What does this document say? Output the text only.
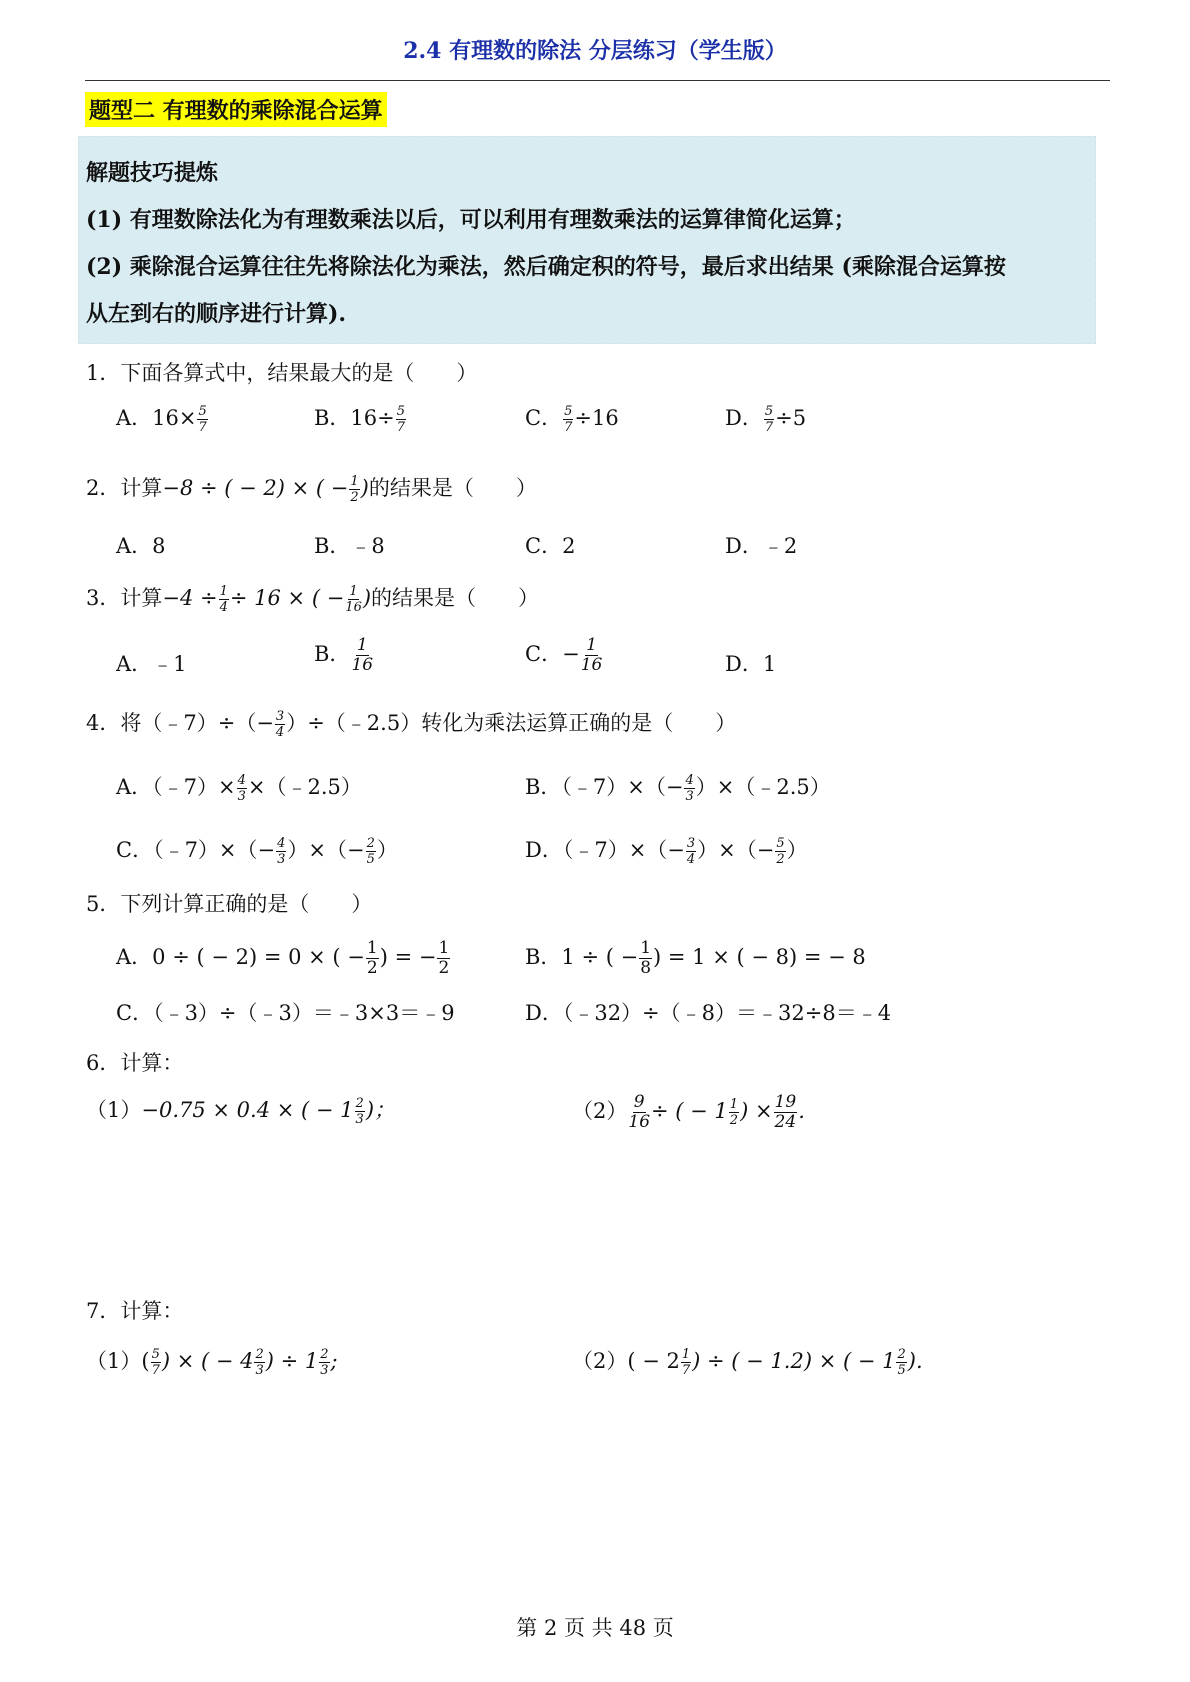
2.4 有理数的除法 分层练习（学生版）
题型二 有理数的乘除混合运算
解题技巧提炼
(1) 有理数除法化为有理数乘法以后，可以利用有理数乘法的运算律简化运算；
(2) 乘除混合运算往往先将除法化为乘法，然后确定积的符号，最后求出结果 (乘除混合运算按
从左到右的顺序进行计算).
1．下面各算式中，结果最大的是（　　）
A．$16\times \frac{5}{7}$	B．$16\div \frac{5}{7}$	C． $\frac{5}{7} \div 16$	D． $\frac{5}{7} \div 5$
2．计算−8 ÷ ( − 2) × ( − $\frac{1}{2}$ )的结果是（　　）
A．8	B．﹣8	C．2	D．﹣2
3．计算$-4 \div \frac{1}{4} \div 16$ × ( − $\frac{1}{16}$ )的结果是（　　）
A．﹣1	B． $\frac{1}{16}$	C．− $\frac{1}{16}$	D．1
4．将（﹣7）÷（− $\frac{3}{4}$ ）÷（﹣2.5）转化为乘法运算正确的是（　　）
A．（﹣7）× $\frac{4}{3}$ ×（﹣2.5）	B．（﹣7）×（− $\frac{4}{3}$ ）×（﹣2.5）
C．（﹣7）×（− $\frac{4}{3}$ ）×（− $\frac{2}{5}$ ）	D．（﹣7）×（− $\frac{3}{4}$ ）×（− $\frac{5}{2}$ ）
5．下列计算正确的是（　　）
A．0 ÷ ( − 2) = 0 × ( − $\frac{1}{2}$ ) = − $\frac{1}{2}$	B．1 ÷ ( − $\frac{1}{8}$ ) = 1 × ( − 8) = − 8
C．（﹣3）÷（﹣3）＝﹣3×3＝﹣9	D．（﹣32）÷（﹣8）＝﹣32÷8＝﹣4
6．计算：
（1）−0.75 × 0.4 × ( − $1 \frac{2}{3}$ )；	$(2) \frac{9}{16}$ ÷ ( − $1 \frac{1}{2}$ ) × $\frac{19}{24}$ .
7．计算：
$(1)( \frac{5}{7}$ ) × ( − $4 \frac{2}{3}$ ) ÷ $1 \frac{2}{3}$ ;	$(2)( - 2 \frac{1}{7}$ ) ÷ ( − 1.2) × ( − $1 \frac{2}{5}$ ).
第 2 页 共 48 页
